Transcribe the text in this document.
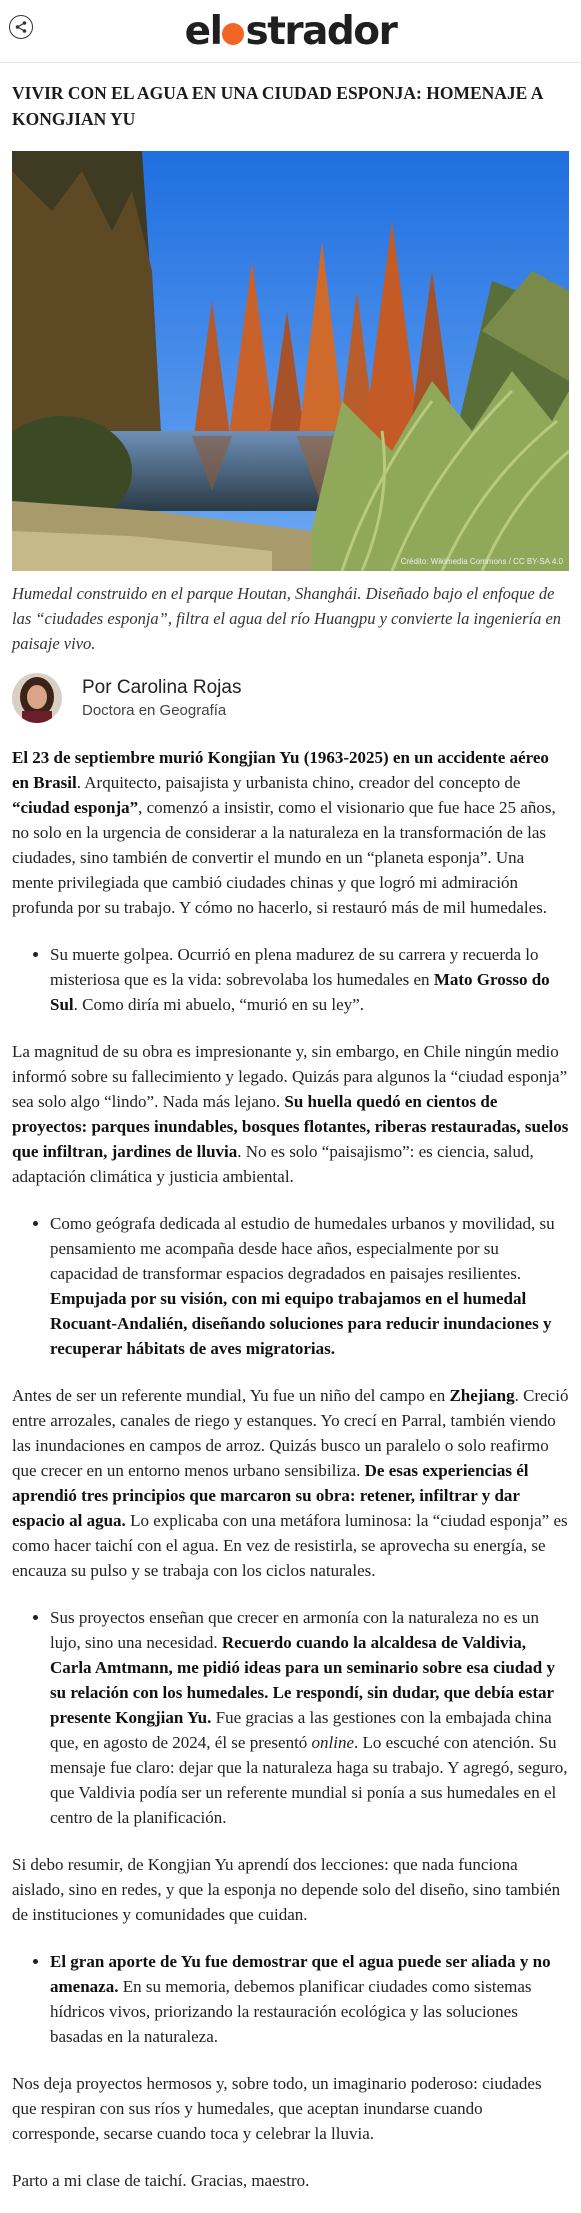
el strador
VIVIR CON EL AGUA EN UNA CIUDAD ESPONJA: HOMENAJE A KONGJIAN YU
Crédito: Wikimedia Commons / CC BY-SA 4.0
Humedal construido en el parque Houtan, Shanghái. Diseñado bajo el enfoque de las “ciudades esponja”, filtra el agua del río Huangpu y convierte la ingeniería en paisaje vivo.
Por Carolina Rojas
Doctora en Geografía

El 23 de septiembre murió Kongjian Yu (1963-2025) en un accidente aéreo en Brasil. Arquitecto, paisajista y urbanista chino, creador del concepto de “ciudad esponja”, comenzó a insistir, como el visionario que fue hace 25 años, no solo en la urgencia de considerar a la naturaleza en la transformación de las ciudades, sino también de convertir el mundo en un “planeta esponja”. Una mente privilegiada que cambió ciudades chinas y que logró mi admiración profunda por su trabajo. Y cómo no hacerlo, si restauró más de mil humedales.

• Su muerte golpea. Ocurrió en plena madurez de su carrera y recuerda lo misteriosa que es la vida: sobrevolaba los humedales en Mato Grosso do Sul. Como diría mi abuelo, “murió en su ley”.

La magnitud de su obra es impresionante y, sin embargo, en Chile ningún medio informó sobre su fallecimiento y legado. Quizás para algunos la “ciudad esponja” sea solo algo “lindo”. Nada más lejano. Su huella quedó en cientos de proyectos: parques inundables, bosques flotantes, riberas restauradas, suelos que infiltran, jardines de lluvia. No es solo “paisajismo”: es ciencia, salud, adaptación climática y justicia ambiental.

• Como geógrafa dedicada al estudio de humedales urbanos y movilidad, su pensamiento me acompaña desde hace años, especialmente por su capacidad de transformar espacios degradados en paisajes resilientes. Empujada por su visión, con mi equipo trabajamos en el humedal Rocuant-Andalién, diseñando soluciones para reducir inundaciones y recuperar hábitats de aves migratorias.

Antes de ser un referente mundial, Yu fue un niño del campo en Zhejiang. Creció entre arrozales, canales de riego y estanques. Yo crecí en Parral, también viendo las inundaciones en campos de arroz. Quizás busco un paralelo o solo reafirmo que crecer en un entorno menos urbano sensibiliza. De esas experiencias él aprendió tres principios que marcaron su obra: retener, infiltrar y dar espacio al agua. Lo explicaba con una metáfora luminosa: la “ciudad esponja” es como hacer taichí con el agua. En vez de resistirla, se aprovecha su energía, se encauza su pulso y se trabaja con los ciclos naturales.

• Sus proyectos enseñan que crecer en armonía con la naturaleza no es un lujo, sino una necesidad. Recuerdo cuando la alcaldesa de Valdivia, Carla Amtmann, me pidió ideas para un seminario sobre esa ciudad y su relación con los humedales. Le respondí, sin dudar, que debía estar presente Kongjian Yu. Fue gracias a las gestiones con la embajada china que, en agosto de 2024, él se presentó online. Lo escuché con atención. Su mensaje fue claro: dejar que la naturaleza haga su trabajo. Y agregó, seguro, que Valdivia podía ser un referente mundial si ponía a sus humedales en el centro de la planificación.

Si debo resumir, de Kongjian Yu aprendí dos lecciones: que nada funciona aislado, sino en redes, y que la esponja no depende solo del diseño, sino también de instituciones y comunidades que cuidan.

• El gran aporte de Yu fue demostrar que el agua puede ser aliada y no amenaza. En su memoria, debemos planificar ciudades como sistemas hídricos vivos, priorizando la restauración ecológica y las soluciones basadas en la naturaleza.

Nos deja proyectos hermosos y, sobre todo, un imaginario poderoso: ciudades que respiran con sus ríos y humedales, que aceptan inundarse cuando corresponde, secarse cuando toca y celebrar la lluvia.

Parto a mi clase de taichí. Gracias, maestro.
